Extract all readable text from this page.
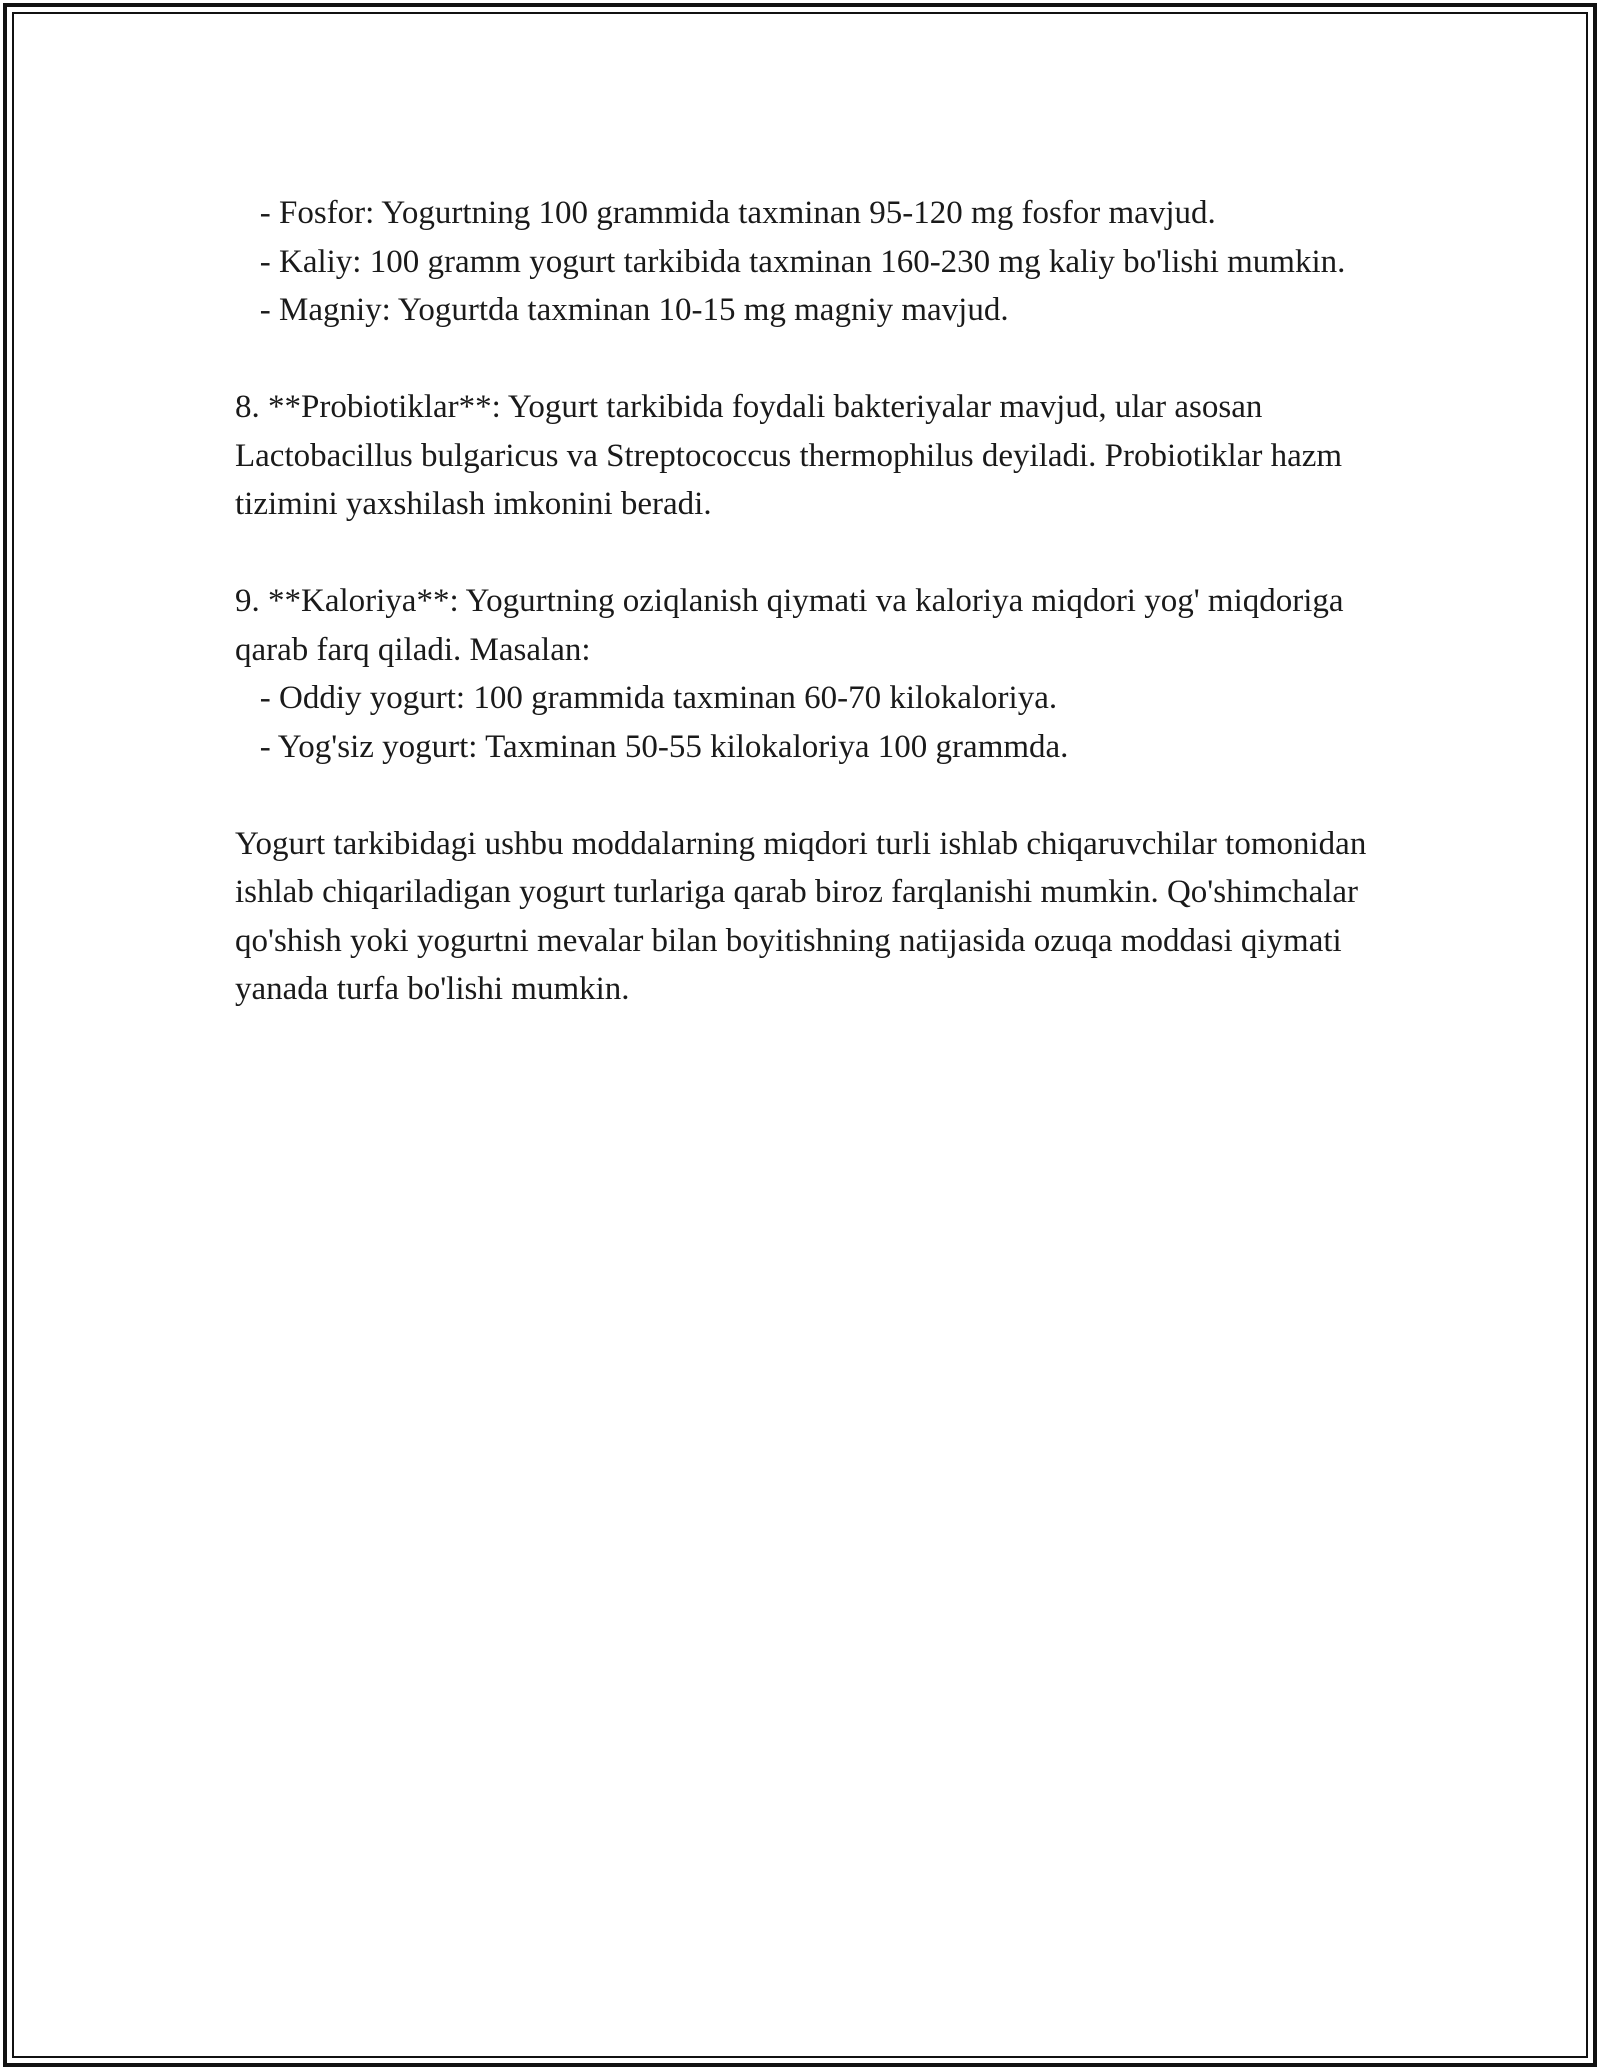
- Fosfor: Yogurtning 100 grammida taxminan 95-120 mg fosfor mavjud.

- Kaliy: 100 gramm yogurt tarkibida taxminan 160-230 mg kaliy bo'lishi mumkin.

- Magniy: Yogurtda taxminan 10-15 mg magniy mavjud.

8. **Probiotiklar**: Yogurt tarkibida foydali bakteriyalar mavjud, ular asosan Lactobacillus bulgaricus va Streptococcus thermophilus deyiladi. Probiotiklar hazm tizimini yaxshilash imkonini beradi.

9. **Kaloriya**: Yogurtning oziqlanish qiymati va kaloriya miqdori yog' miqdoriga qarab farq qiladi. Masalan:

- Oddiy yogurt: 100 grammida taxminan 60-70 kilokaloriya.

- Yog'siz yogurt: Taxminan 50-55 kilokaloriya 100 grammda.

Yogurt tarkibidagi ushbu moddalarning miqdori turli ishlab chiqaruvchilar tomonidan ishlab chiqariladigan yogurt turlariga qarab biroz farqlanishi mumkin. Qo'shimchalar qo'shish yoki yogurtni mevalar bilan boyitishning natijasida ozuqa moddasi qiymati yanada turfa bo'lishi mumkin.
